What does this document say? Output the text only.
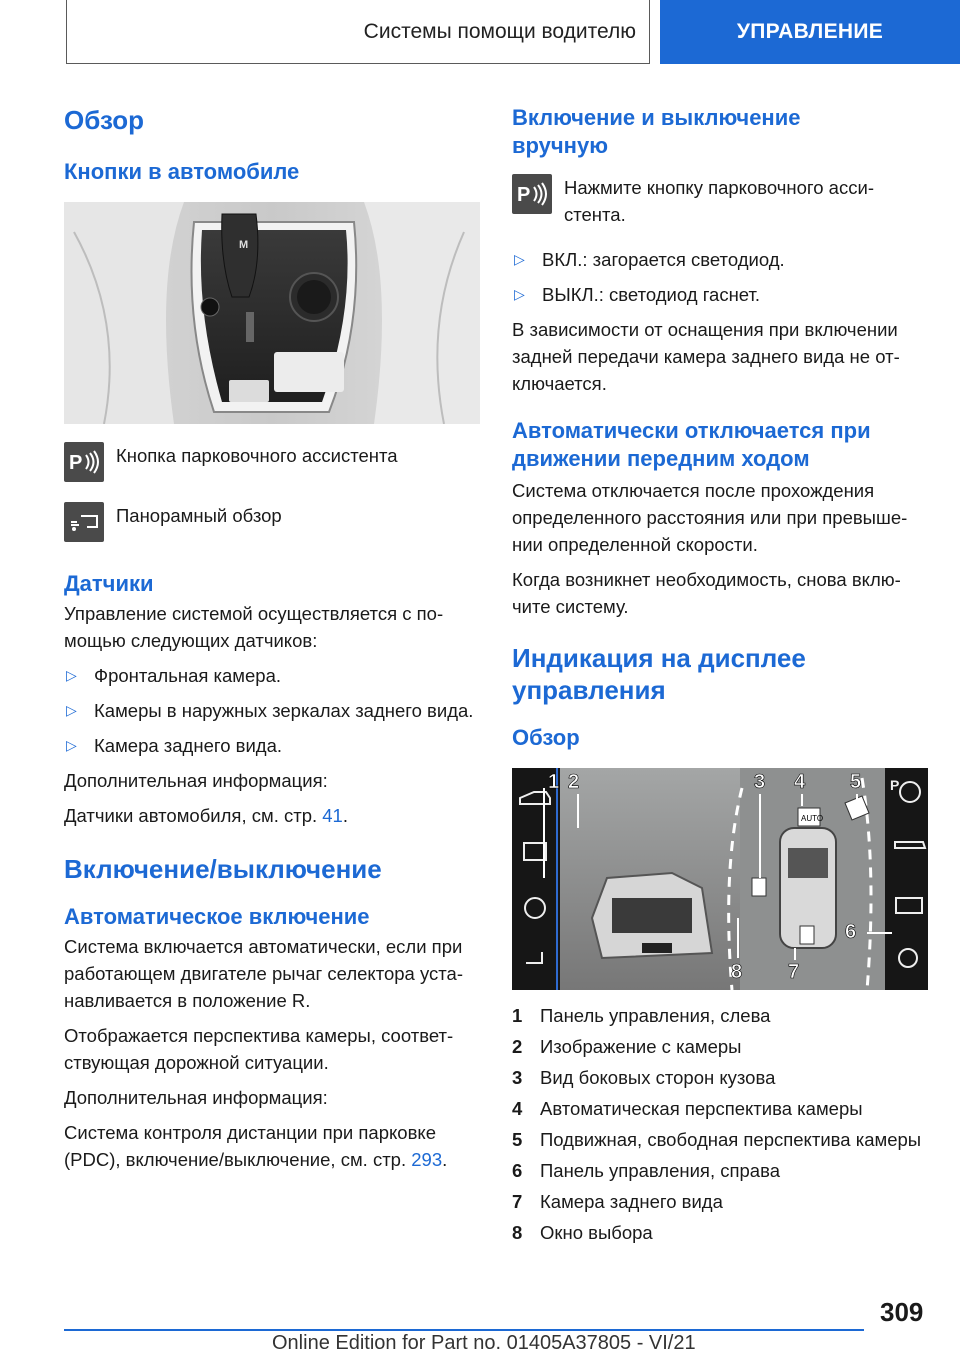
Системы помощи водителю	УПРАВЛЕНИЕ
Обзор
Кнопки в автомобиле
M
P Кнопка парковочного ассистента
Панорамный обзор
Датчики

Управление системой осуществляется с помощью следующих датчиков:

▷ Фронтальная камера.
▷ Камеры в наружных зеркалах заднего вида.
▷ Камера заднего вида.

Дополнительная информация:

Датчики автомобиля, см. стр. 41.

Включение/выключение
Автоматическое включение

Система включается автоматически, если при работающем двигателе рычаг селектора устанавливается в положение R.

Отображается перспектива камеры, соответствующая дорожной ситуации.

Дополнительная информация:

Система контроля дистанции при парковке (PDC), включение/выключение, см. стр. 293.

Включение и выключение вручную
P Нажмите кнопку парковочного ассистента.
▷ ВКЛ.: загорается светодиод.
▷ ВЫКЛ.: светодиод гаснет.

В зависимости от оснащения при включении задней передачи камера заднего вида не отключается.

Автоматически отключается при движении передним ходом

Система отключается после прохождения определенного расстояния или при превышении определенной скорости.

Когда возникнет необходимость, снова включите систему.

Индикация на дисплее управления
Обзор
AUTO
P
1 2	3 4 5
6
7
8
1 Панель управления, слева
2 Изображение с камеры
3 Вид боковых сторон кузова
4 Автоматическая перспектива камеры
5 Подвижная, свободная перспектива камеры
6 Панель управления, справа
7 Камера заднего вида
8 Окно выбора
309
Online Edition for Part no. 01405A37805 - VI/21
